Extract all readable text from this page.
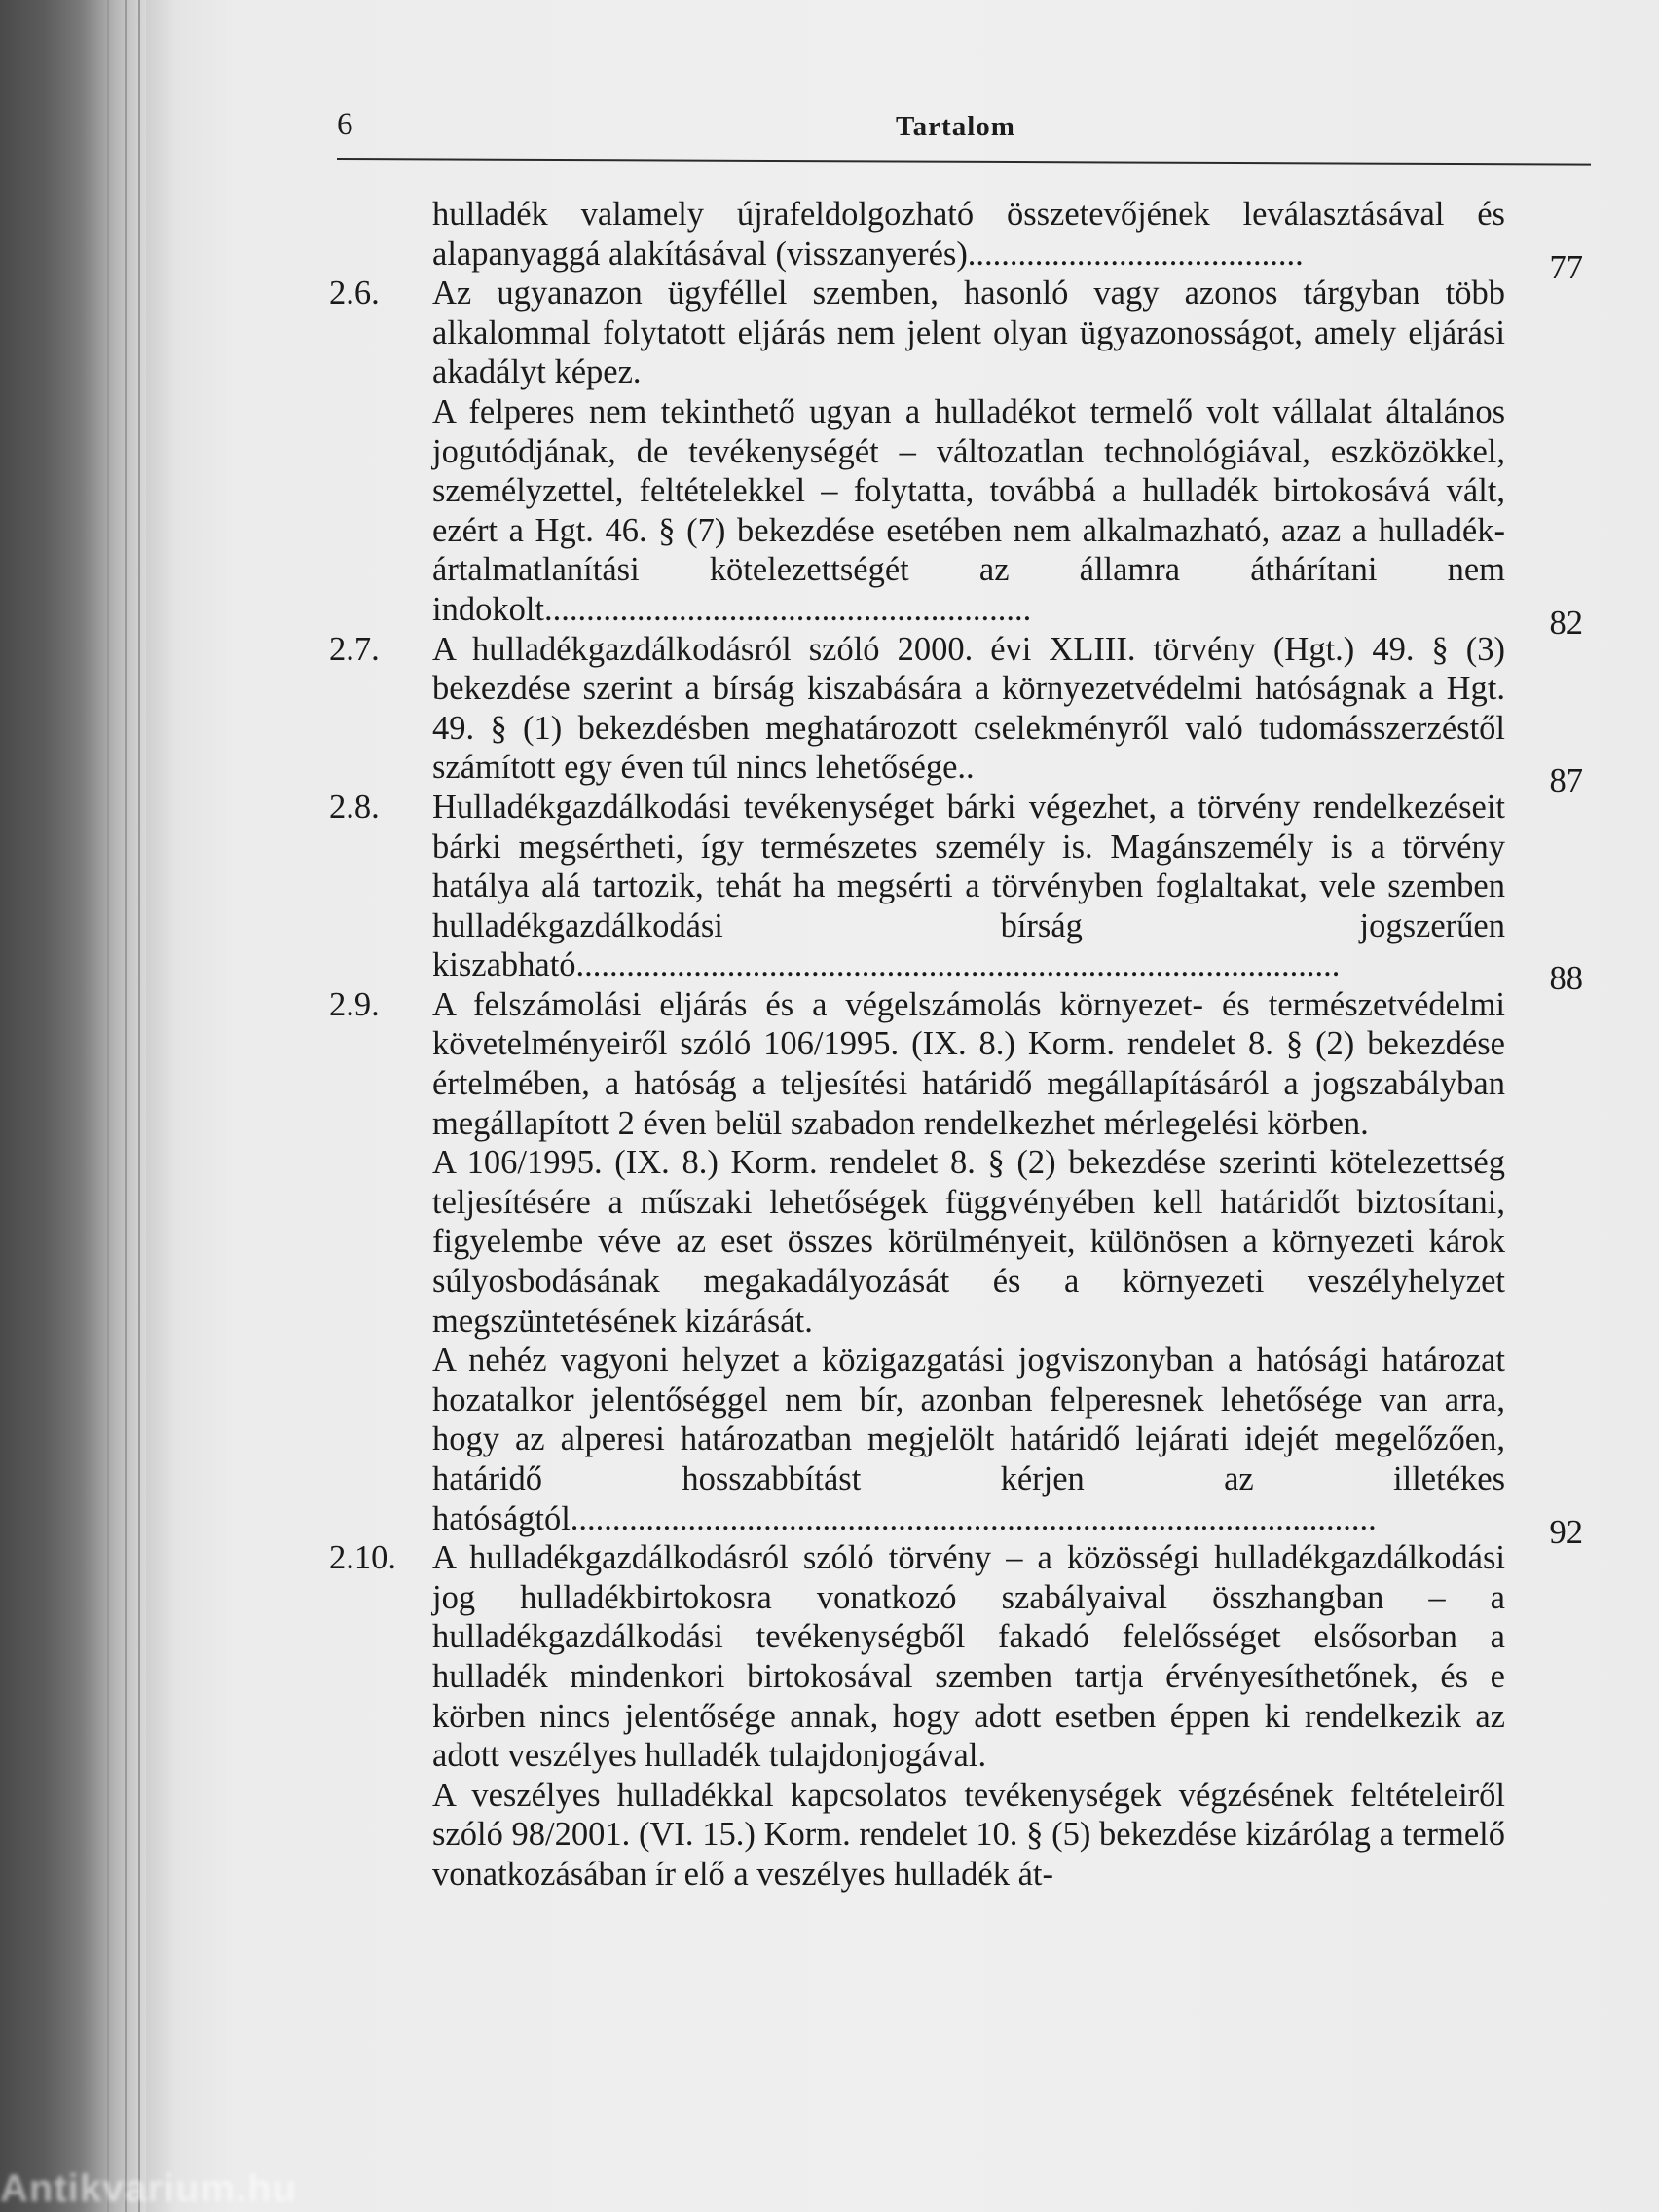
6	Tartalom
hulladék valamely újrafeldolgozható összetevőjének leválasztásával és alapanyaggá alakításával (visszanyerés)........................................	77
2.6. Az ugyanazon ügyféllel szemben, hasonló vagy azonos tárgyban több alkalommal folytatott eljárás nem jelent olyan ügyazonosságot, amely eljárási akadályt képez.
A felperes nem tekinthető ugyan a hulladékot termelő volt vállalat általános jogutódjának, de tevékenységét – változatlan technológiával, eszközökkel, személyzettel, feltételekkel – folytatta, továbbá a hulladék birtokosává vált, ezért a Hgt. 46. § (7) bekezdése esetében nem alkalmazható, azaz a hulladék-ártalmatlanítási kötelezettségét az államra áthárítani nem indokolt..........................................................	82
2.7. A hulladékgazdálkodásról szóló 2000. évi XLIII. törvény (Hgt.) 49. § (3) bekezdése szerint a bírság kiszabására a környezetvédelmi hatóságnak a Hgt. 49. § (1) bekezdésben meghatározott cselekményről való tudomásszerzéstől számított egy éven túl nincs lehetősége..	87
2.8. Hulladékgazdálkodási tevékenységet bárki végezhet, a törvény rendelkezéseit bárki megsértheti, így természetes személy is. Magánszemély is a törvény hatálya alá tartozik, tehát ha megsérti a törvényben foglaltakat, vele szemben hulladékgazdálkodási bírság jogszerűen kiszabható...........................................................................................	88
2.9. A felszámolási eljárás és a végelszámolás környezet- és természetvédelmi követelményeiről szóló 106/1995. (IX. 8.) Korm. rendelet 8. § (2) bekezdése értelmében, a hatóság a teljesítési határidő megállapításáról a jogszabályban megállapított 2 éven belül szabadon rendelkezhet mérlegelési körben.
A 106/1995. (IX. 8.) Korm. rendelet 8. § (2) bekezdése szerinti kötelezettség teljesítésére a műszaki lehetőségek függvényében kell határidőt biztosítani, figyelembe véve az eset összes körülményeit, különösen a környezeti károk súlyosbodásának megakadályozását és a környezeti veszélyhelyzet megszüntetésének kizárását.
A nehéz vagyoni helyzet a közigazgatási jogviszonyban a hatósági határozat hozatalkor jelentőséggel nem bír, azonban felperesnek lehetősége van arra, hogy az alperesi határozatban megjelölt határidő lejárati idejét megelőzően, határidő hosszabbítást kérjen az illetékes hatóságtól................................................................................................	92
2.10. A hulladékgazdálkodásról szóló törvény – a közösségi hulladékgazdálkodási jog hulladékbirtokosra vonatkozó szabályaival összhangban – a hulladékgazdálkodási tevékenységből fakadó felelősséget elsősorban a hulladék mindenkori birtokosával szemben tartja érvényesíthetőnek, és e körben nincs jelentősége annak, hogy adott esetben éppen ki rendelkezik az adott veszélyes hulladék tulajdonjogával.
A veszélyes hulladékkal kapcsolatos tevékenységek végzésének feltételeiről szóló 98/2001. (VI. 15.) Korm. rendelet 10. § (5) bekezdése kizárólag a termelő vonatkozásában ír elő a veszélyes hulladék át-
Antikvarium.hu
